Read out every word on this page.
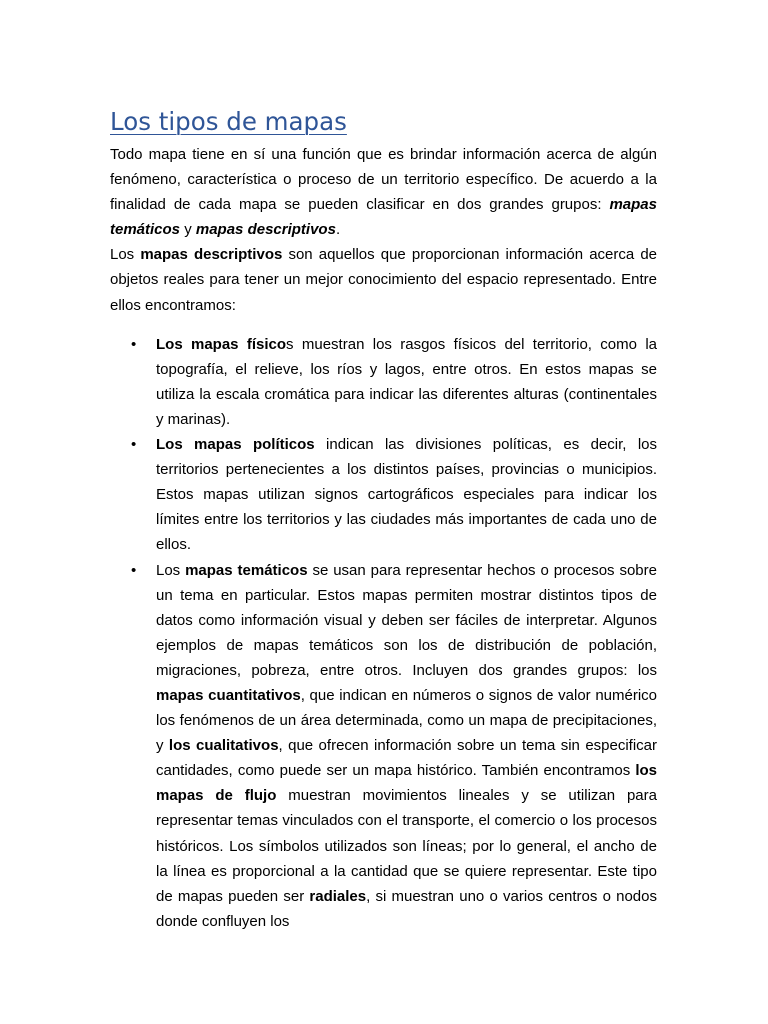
Los tipos de mapas

Todo mapa tiene en sí una función que es brindar información acerca de algún fenómeno, característica o proceso de un territorio específico. De acuerdo a la finalidad de cada mapa se pueden clasificar en dos grandes grupos: mapas temáticos y mapas descriptivos.

Los mapas descriptivos son aquellos que proporcionan información acerca de objetos reales para tener un mejor conocimiento del espacio representado. Entre ellos encontramos:

• Los mapas físicos muestran los rasgos físicos del territorio, como la topografía, el relieve, los ríos y lagos, entre otros. En estos mapas se utiliza la escala cromática para indicar las diferentes alturas (continentales y marinas).
• Los mapas políticos indican las divisiones políticas, es decir, los territorios pertenecientes a los distintos países, provincias o municipios. Estos mapas utilizan signos cartográficos especiales para indicar los límites entre los territorios y las ciudades más importantes de cada uno de ellos.
• Los mapas temáticos se usan para representar hechos o procesos sobre un tema en particular. Estos mapas permiten mostrar distintos tipos de datos como información visual y deben ser fáciles de interpretar. Algunos ejemplos de mapas temáticos son los de distribución de población, migraciones, pobreza, entre otros. Incluyen dos grandes grupos: los mapas cuantitativos, que indican en números o signos de valor numérico los fenómenos de un área determinada, como un mapa de precipitaciones, y los cualitativos, que ofrecen información sobre un tema sin especificar cantidades, como puede ser un mapa histórico. También encontramos los mapas de flujo muestran movimientos lineales y se utilizan para representar temas vinculados con el transporte, el comercio o los procesos históricos. Los símbolos utilizados son líneas; por lo general, el ancho de la línea es proporcional a la cantidad que se quiere representar. Este tipo de mapas pueden ser radiales, si muestran uno o varios centros o nodos donde confluyen los
